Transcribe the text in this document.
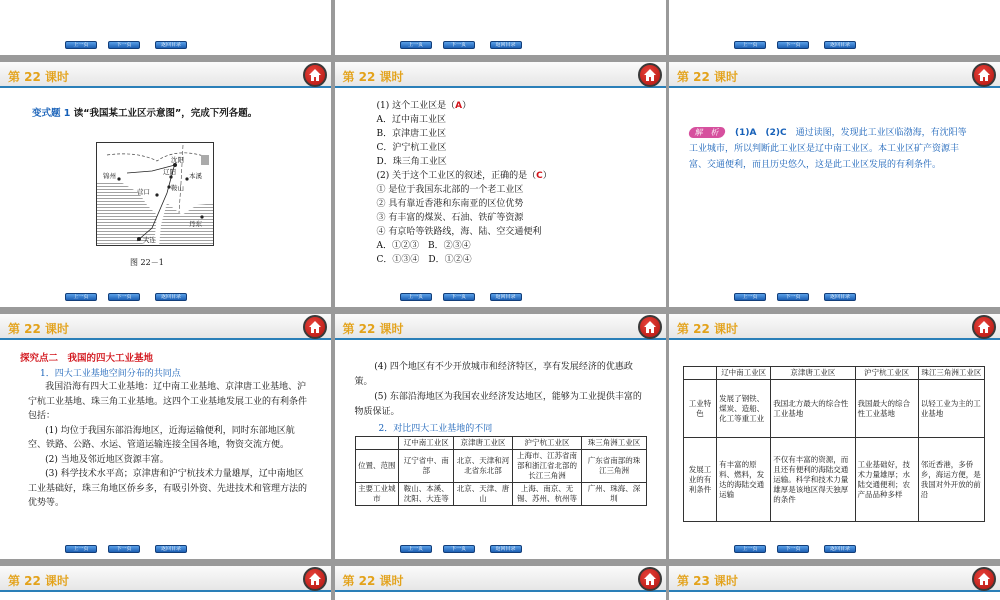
上一页	下一页	返回目录	上一页	下一页	返回目录	上一页	下一页	返回目录
第 22 课时
变式题 1 读“我国某工业区示意图”，完成下列各题。
沈阳
辽阳 本溪
锦州
鞍山
营口
丹东
大连
图 22－1
上一页	下一页	返回目录
第 22 课时
(1) 这个工业区是（A）
A．辽中南工业区
B．京津唐工业区
C．沪宁杭工业区
D．珠三角工业区
(2) 关于这个工业区的叙述，正确的是（C）
① 是位于我国东北部的一个老工业区
② 具有靠近香港和东南亚的区位优势
③ 有丰富的煤炭、石油、铁矿等资源
④ 有京哈等铁路线，海、陆、空交通便利
A．①②③　B．②③④
C．①③④　D．①②④
上一页	下一页	返回目录
第 22 课时
解　析 (1)A　(2)C　 通过读图，发现此工业区临渤海，有沈阳等工业城市，所以判断此工业区是辽中南工业区。本工业区矿产资源丰富、交通便利，而且历史悠久，这是此工业区发展的有利条件。
上一页	下一页	返回目录
第 22 课时
探究点二　我国的四大工业基地
1．四大工业基地空间分布的共同点
我国沿海有四大工业基地：辽中南工业基地、京津唐工业基地、沪宁杭工业基地、珠三角工业基地。这四个工业基地发展工业的有利条件包括：
(1) 均位于我国东部沿海地区，近海运输便利，同时东部地区航空、铁路、公路、水运、管道运输连接全国各地，物资交流方便。
(2) 当地及邻近地区资源丰富。
(3) 科学技术水平高；京津唐和沪宁杭技术力量雄厚，辽中南地区工业基础好，珠三角地区侨乡多，有吸引外资、先进技术和管理方法的优势等。
上一页	下一页	返回目录
第 22 课时
(4) 四个地区有不少开放城市和经济特区，享有发展经济的优惠政策。
(5) 东部沿海地区为我国农业经济发达地区，能够为工业提供丰富的物质保证。
2．对比四大工业基地的不同
	辽中南工业区	京津唐工业区	沪宁杭工业区	珠三角洲工业区
位置、范围	辽宁省中、南部	北京、天津和河北省东北部	上海市、江苏省南部和浙江省北部的长江三角洲	广东省南部的珠江三角洲
主要工业城市	鞍山、本溪、沈阳、大连等	北京、天津、唐山	上海、南京、无锡、苏州、杭州等	广州、珠海、深圳
上一页	下一页	返回目录
第 22 课时
	辽中南工业区	京津唐工业区	沪宁杭工业区	珠江三角洲工业区
工业特色	发展了钢铁、煤炭、造船、化工等重工业	我国北方最大的综合性工业基地	我国最大的综合性工业基地	以轻工业为主的工业基地
发展工业的有利条件	有丰富的原料、燃料，发达的海陆交通运输	不仅有丰富的资源，而且还有便利的海陆交通运输。科学和技术力量雄厚是该地区得天独厚的条件	工业基础好，技术力量雄厚；水陆交通便利；农产品品种多样	邻近香港，多侨乡，海运方便，是我国对外开放的前沿
上一页	下一页	返回目录
第 22 课时	第 22 课时	第 23 课时
